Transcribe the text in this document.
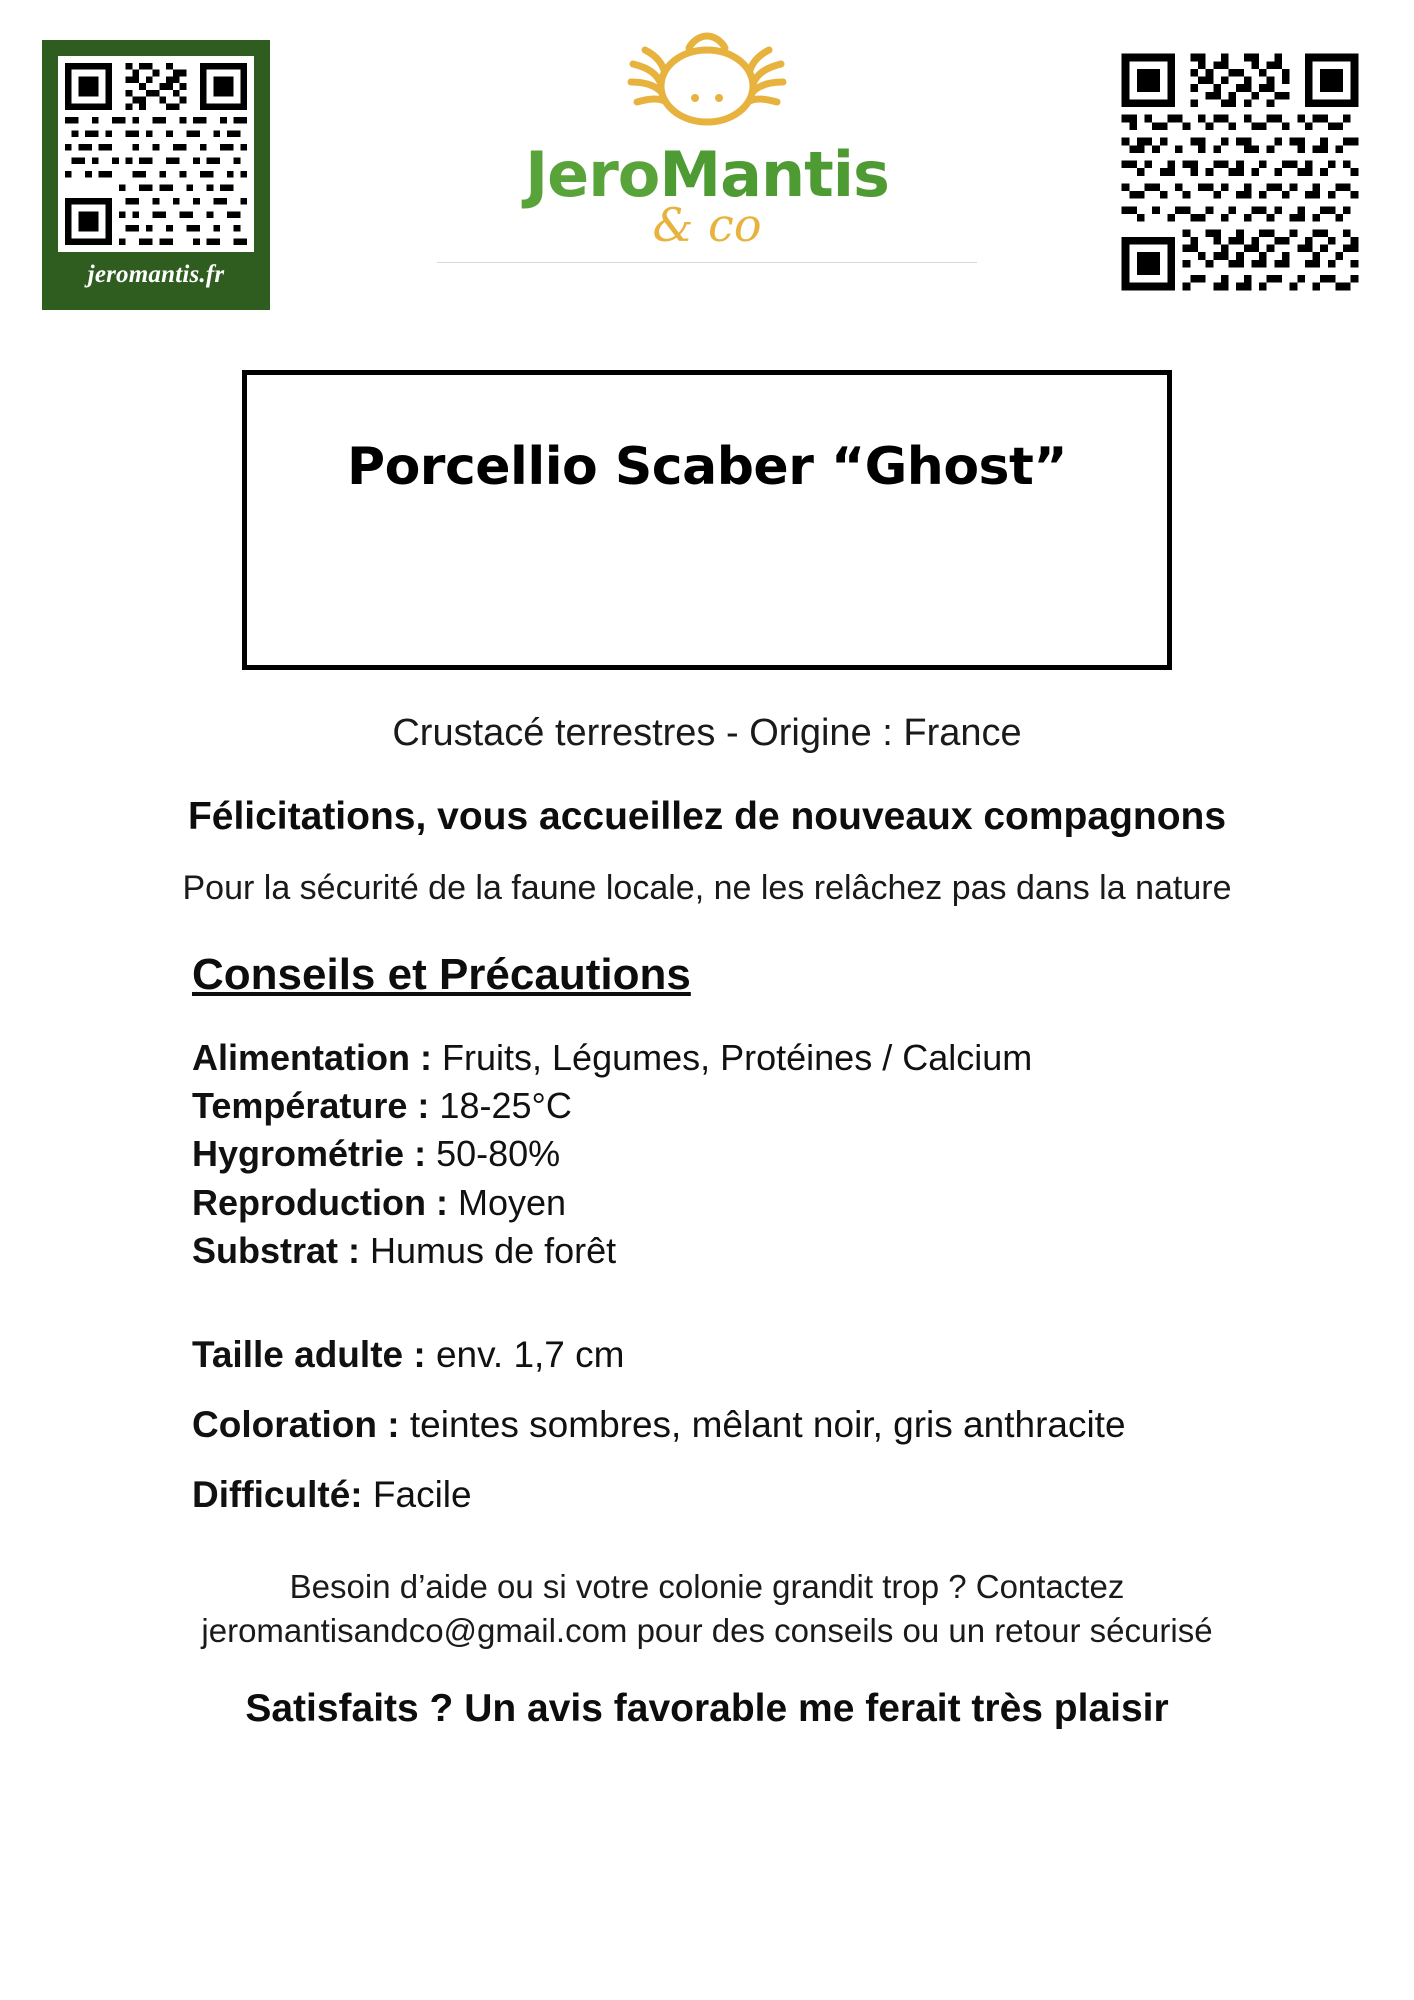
jeromantis.fr
JeroMantis
& co
Porcellio Scaber “Ghost”
Crustacé terrestres - Origine : France
Félicitations, vous accueillez de nouveaux compagnons
Pour la sécurité de la faune locale, ne les relâchez pas dans la nature
Conseils et Précautions
Alimentation : Fruits, Légumes, Protéines / Calcium
Température : 18-25°C
Hygrométrie : 50-80%
Reproduction : Moyen
Substrat : Humus de forêt
Taille adulte : env. 1,7 cm
Coloration : teintes sombres, mêlant noir, gris anthracite
Difficulté: Facile
Besoin d’aide ou si votre colonie grandit trop ? Contactez
jeromantisandco@gmail.com pour des conseils ou un retour sécurisé
Satisfaits ? Un avis favorable me ferait très plaisir
